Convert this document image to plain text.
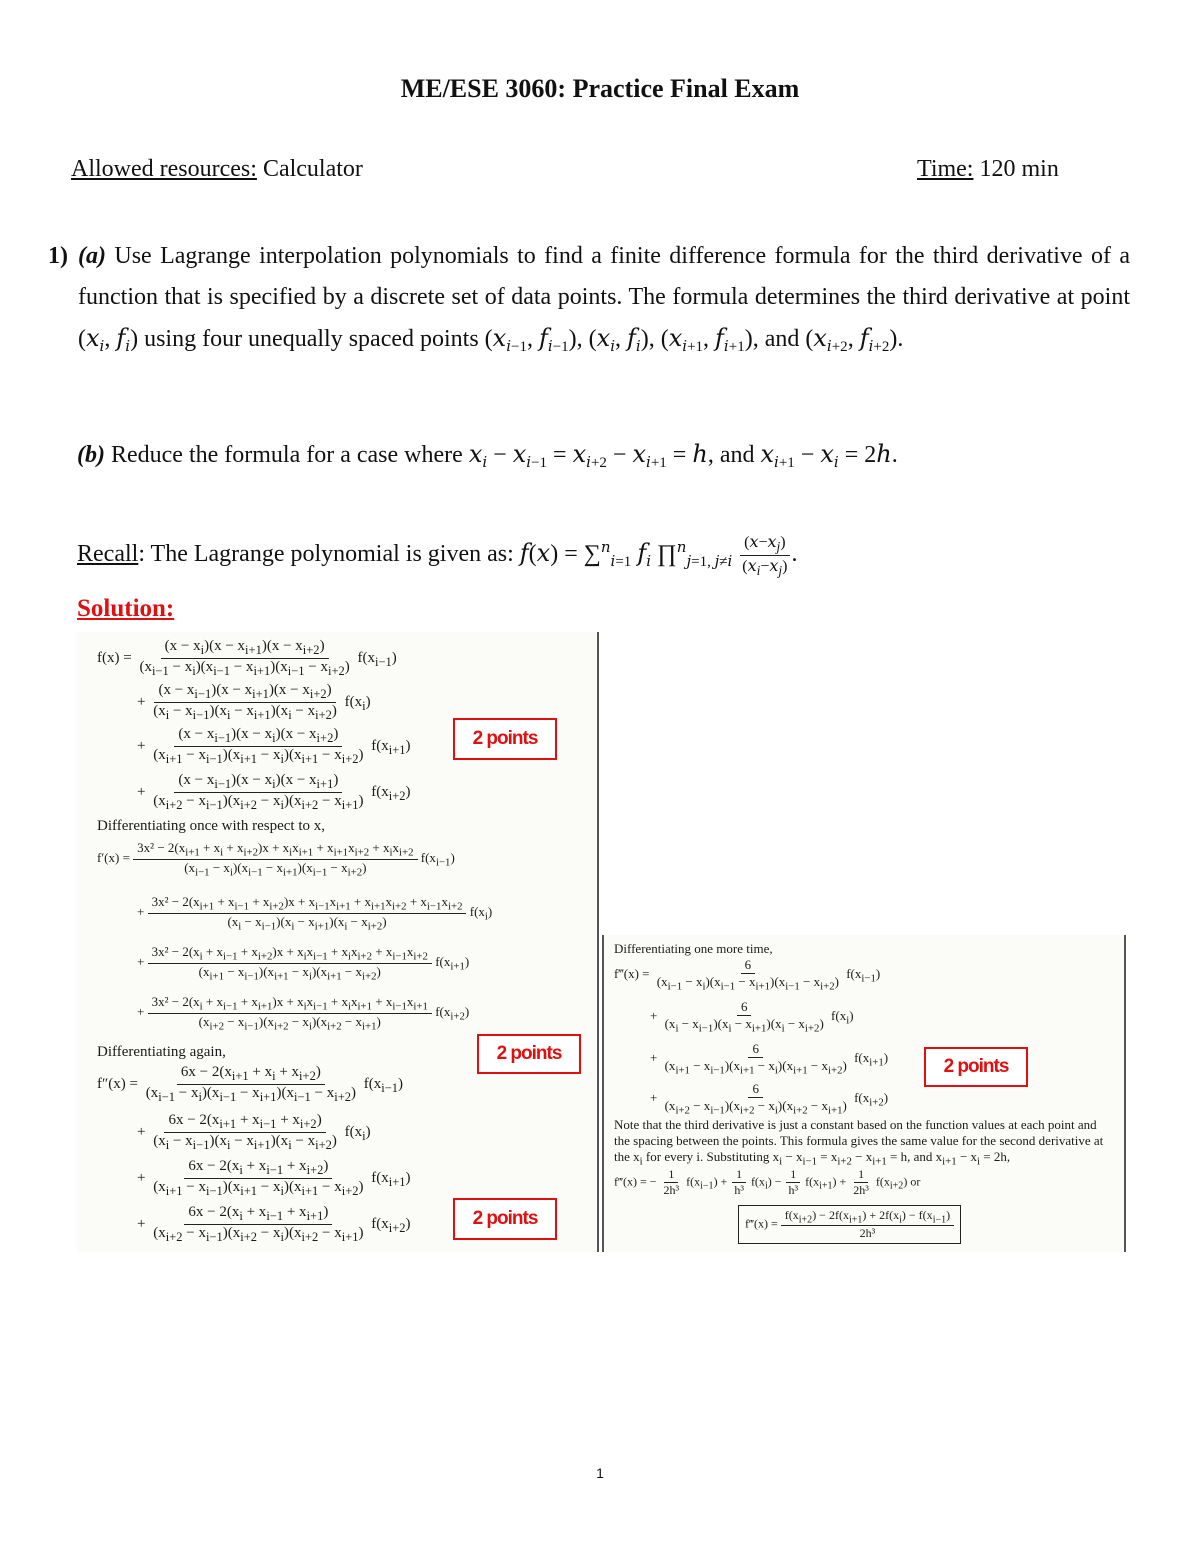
ME/ESE 3060: Practice Final Exam
Allowed resources: Calculator	Time: 120 min
1) (a) Use Lagrange interpolation polynomials to find a finite difference formula for the third derivative of a function that is specified by a discrete set of data points. The formula determines the third derivative at point ($x_i$, $f_i$) using four unequally spaced points ($x_{i-1}$, $f_{i-1}$), ($x_i$, $f_i$), ($x_{i+1}$, $f_{i+1}$), and ($x_{i+2}$, $f_{i+2}$).
(b) Reduce the formula for a case where $x_i - x_{i-1} = x_{i+2} - x_{i+1} = h$, and $x_{i+1} - x_i = 2h$.
Recall: The Lagrange polynomial is given as: f(x) = ∑$^n_{i=1}$ $f_i$ ∏$^n_{j=1, j\ne i}$ $\frac{(x-x_j)}{(x_i-x_j)}$ .
Solution:
$f(x) = \frac{(x - x_i)(x - x_{i+1})(x - x_{i+2})}{(x_{i-1} - x_i)(x_{i-1} - x_{i+1})(x_{i-1} - x_{i+2})} f(x_{i-1})$
+ $\frac{(x - x_{i-1})(x - x_{i+1})(x - x_{i+2})}{(x_i - x_{i-1})(x_i - x_{i+1})(x_i - x_{i+2})} f(x_i)$
+ $\frac{(x - x_{i-1})(x - x_i)(x - x_{i+2})}{(x_{i+1} - x_{i-1})(x_{i+1} - x_i)(x_{i+1} - x_{i+2})} f(x_{i+1})$
+ $\frac{(x - x_{i-1})(x - x_i)(x - x_{i+1})}{(x_{i+2} - x_{i-1})(x_{i+2} - x_i)(x_{i+2} - x_{i+1})} f(x_{i+2})$
Differentiating once with respect to x,
$f'(x) = \frac{3x^2 - 2(x_{i+1} + x_i + x_{i+2})x + x_ix_{i+1} + x_{i+1}x_{i+2} + x_ix_{i+2}}{(x_{i-1} - x_i)(x_{i-1} - x_{i+1})(x_{i-1} - x_{i+2})} f(x_{i-1})$
+
$3x^2 - 2(x_{i+1} + x_{i-1} + x_{i+2})x + x_{i-1}x_{i+1} + x_{i+1}x_{i+2} + x_{i-1}x_{i+2}$
$(x_i - x_{i-1})(x_i - x_{i+1})(x_i - x_{i+2})$
$f(x_i)$
+ $\frac{3x^2 - 2(x_i + x_{i-1} + x_{i+2})x + x_ix_{i-1} + x_ix_{i+2} + x_{i-1}x_{i+2}}{(x_{i+1} - x_{i-1})(x_{i+1} - x_i)(x_{i+1} - x_{i+2})} f(x_{i+1})$
+ $\frac{3x^2 - 2(x_i + x_{i-1} + x_{i+1})x + x_ix_{i-1} + x_ix_{i+1} + x_{i-1}x_{i+1}}{(x_{i+2} - x_{i-1})(x_{i+2} - x_i)(x_{i+2} - x_{i+1})} f(x_{i+2})$
Differentiating again,
$f''(x) = \frac{6x - 2(x_{i+1} + x_i + x_{i+2})}{(x_{i-1} - x_i)(x_{i-1} - x_{i+1})(x_{i-1} - x_{i+2})} f(x_{i-1})$
+ $\frac{6x - 2(x_{i+1} + x_{i-1} + x_{i+2})}{(x_i - x_{i-1})(x_i - x_{i+1})(x_i - x_{i+2})} f(x_i)$
+ $\frac{6x - 2(x_i + x_{i-1} + x_{i+2})}{(x_{i+1} - x_{i-1})(x_{i+1} - x_i)(x_{i+1} - x_{i+2})} f(x_{i+1})$
+ $\frac{6x - 2(x_i + x_{i-1} + x_{i+1})}{(x_{i+2} - x_{i-1})(x_{i+2} - x_i)(x_{i+2} - x_{i+1})} f(x_{i+2})$
2 points
2 points
2 points
Differentiating one more time,
f‴(x) = $\frac{6}{(x_{i-1} - x_i)(x_{i-1} - x_{i+1})(x_{i-1} - x_{i+2})} f(x_{i-1})$
+ $\frac{6}{(x_i - x_{i-1})(x_i - x_{i+1})(x_i - x_{i+2})} f(x_i)$
+ $\frac{6}{(x_{i+1} - x_{i-1})(x_{i+1} - x_i)(x_{i+1} - x_{i+2})} f(x_{i+1})$
+ $\frac{6}{(x_{i+2} - x_{i-1})(x_{i+2} - x_i)(x_{i+2} - x_{i+1})} f(x_{i+2})$
Note that the third derivative is just a constant based on the function values at each point and the spacing between the points. This formula gives the same value for the second derivative at the $x_i$ for every i. Substituting $x_i - x_{i-1} = x_{i+2} - x_{i+1} = h$, and $x_{i+1} - x_i = 2h$,
f‴(x) = − $\frac{1}{\text{2h³}} f(x_{i-1}) + \frac{1}{\text{h³}} f(x_i) - \frac{1}{\text{h³}} f(x_{i+1}) + \frac{1}{\text{2h³}} f(x_{i+2})$ or
f‴(x) = $\frac{f(x_{i+2}) - 2f(x_{i+1}) + 2f(x_i) - f(x_{i-1})}{\text{2h³}}$
2 points
1
